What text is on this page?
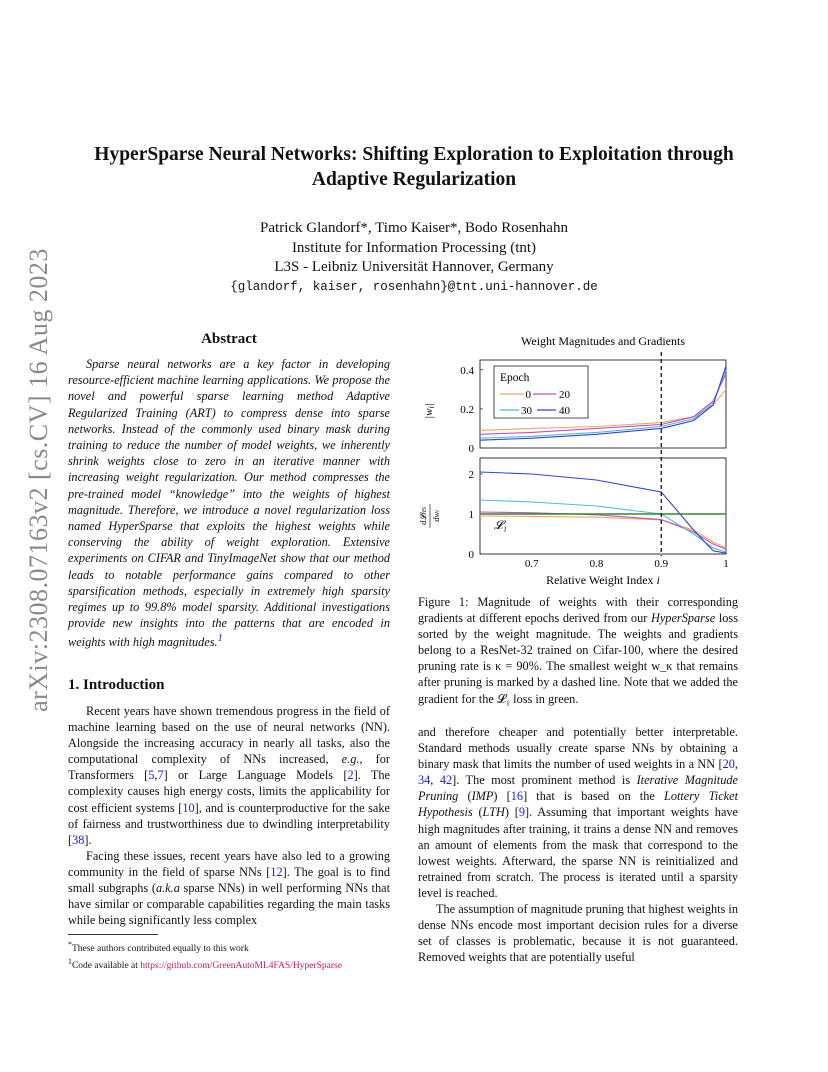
arXiv:2308.07163v2 [cs.CV] 16 Aug 2023
HyperSparse Neural Networks: Shifting Exploration to Exploitation through
Adaptive Regularization
Patrick Glandorf*, Timo Kaiser*, Bodo Rosenhahn
Institute for Information Processing (tnt)
L3S - Leibniz Universität Hannover, Germany
{glandorf, kaiser, rosenhahn}@tnt.uni-hannover.de
Abstract

Sparse neural networks are a key factor in developing resource-efficient machine learning applications. We propose the novel and powerful sparse learning method Adaptive Regularized Training (ART) to compress dense into sparse networks. Instead of the commonly used binary mask during training to reduce the number of model weights, we inherently shrink weights close to zero in an iterative manner with increasing weight regularization. Our method compresses the pre-trained model “knowledge” into the weights of highest magnitude. Therefore, we introduce a novel regularization loss named HyperSparse that exploits the highest weights while conserving the ability of weight exploration. Extensive experiments on CIFAR and TinyImageNet show that our method leads to notable performance gains compared to other sparsification methods, especially in extremely high sparsity regimes up to 99.8% model sparsity. Additional investigations provide new insights into the patterns that are encoded in weights with high magnitudes.$^1$

1. Introduction

Recent years have shown tremendous progress in the field of machine learning based on the use of neural networks (NN). Alongside the increasing accuracy in nearly all tasks, also the computational complexity of NNs increased, e.g., for Transformers [5,7] or Large Language Models [2]. The complexity causes high energy costs, limits the applicability for cost efficient systems [10], and is counterproductive for the sake of fairness and trustworthiness due to dwindling interpretability [38].

Facing these issues, recent years have also led to a growing community in the field of sparse NNs [12]. The goal is to find small subgraphs (a.k.a sparse NNs) in well performing NNs that have similar or comparable capabilities regarding the main tasks while being significantly less complex

*These authors contributed equally to this work
$^1$Code available at https://github.com/GreenAutoML4FAS/HyperSparse
Weight Magnitudes and Gradients
|wi|
0
0.2
0.4
d𝓛HS
dwi
0
1
2
0.7	0.8	0.9	1
Relative Weight Index i
Epoch
0	20
30 40
𝓛₁
Figure 1: Magnitude of weights with their corresponding gradients at different epochs derived from our HyperSparse loss sorted by the weight magnitude. The weights and gradients belong to a ResNet-32 trained on Cifar-100, where the desired pruning rate is κ = 90%. The smallest weight w_κ that remains after pruning is marked by a dashed line. Note that we added the gradient for the 𝓛₁ loss in green.

and therefore cheaper and potentially better interpretable. Standard methods usually create sparse NNs by obtaining a binary mask that limits the number of used weights in a NN [20, 34, 42]. The most prominent method is Iterative Magnitude Pruning (IMP) [16] that is based on the Lottery Ticket Hypothesis (LTH) [9]. Assuming that important weights have high magnitudes after training, it trains a dense NN and removes an amount of elements from the mask that correspond to the lowest weights. Afterward, the sparse NN is reinitialized and retrained from scratch. The process is iterated until a sparsity level is reached.

The assumption of magnitude pruning that highest weights in dense NNs encode most important decision rules for a diverse set of classes is problematic, because it is not guaranteed. Removed weights that are potentially useful
